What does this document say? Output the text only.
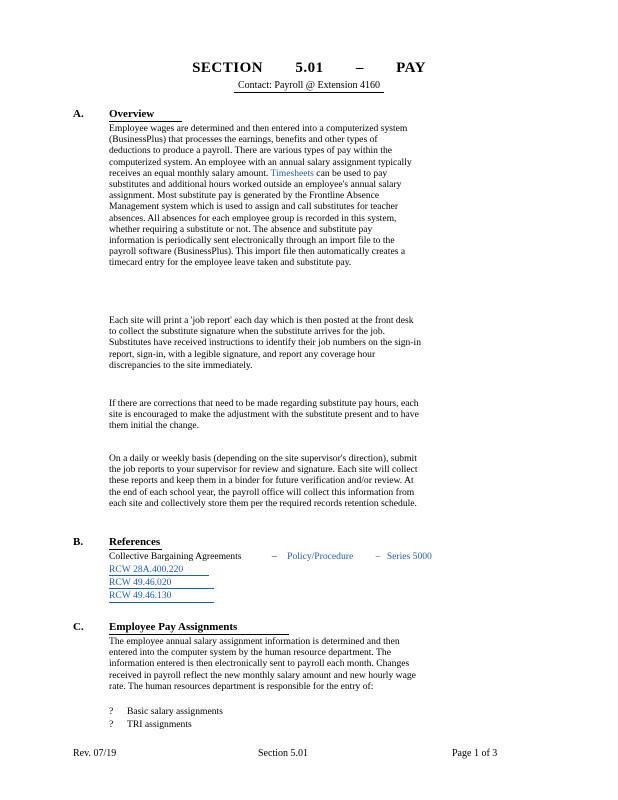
SECTION 5.01 – PAY
Contact: Payroll @ Extension 4160
A. Overview

Employee wages are determined and then entered into a computerized system

(BusinessPlus) that processes the earnings, benefits and other types of

deductions to produce a payroll. There are various types of pay within the

computerized system. An employee with an annual salary assignment typically

receives an equal monthly salary amount. Timesheets can be used to pay

substitutes and additional hours worked outside an employee's annual salary

assignment. Most substitute pay is generated by the Frontline Absence

Management system which is used to assign and call substitutes for teacher

absences. All absences for each employee group is recorded in this system,

whether requiring a substitute or not. The absence and substitute pay

information is periodically sent electronically through an import file to the

payroll software (BusinessPlus). This import file then automatically creates a

timecard entry for the employee leave taken and substitute pay.

Each site will print a 'job report' each day which is then posted at the front desk

to collect the substitute signature when the substitute arrives for the job.

Substitutes have received instructions to identify their job numbers on the sign-in

report, sign-in, with a legible signature, and report any coverage hour

discrepancies to the site immediately.

If there are corrections that need to be made regarding substitute pay hours, each

site is encouraged to make the adjustment with the substitute present and to have

them initial the change.

On a daily or weekly basis (depending on the site supervisor's direction), submit

the job reports to your supervisor for review and signature. Each site will collect

these reports and keep them in a binder for future verification and/or review. At

the end of each school year, the payroll office will collect this information from

each site and collectively store them per the required records retention schedule.

B. References
Collective Bargaining Agreements	– Policy/Procedure – Series 5000
RCW 28A.400.220
RCW 49.46.020
RCW 49.46.130
C. Employee Pay Assignments

The employee annual salary assignment information is determined and then

entered into the computer system by the human resource department. The

information entered is then electronically sent to payroll each month. Changes

received in payroll reflect the new monthly salary amount and new hourly wage

rate. The human resources department is responsible for the entry of:

?	Basic salary assignments
?	TRI assignments
Rev. 07/19	Section 5.01	Page 1 of 3
